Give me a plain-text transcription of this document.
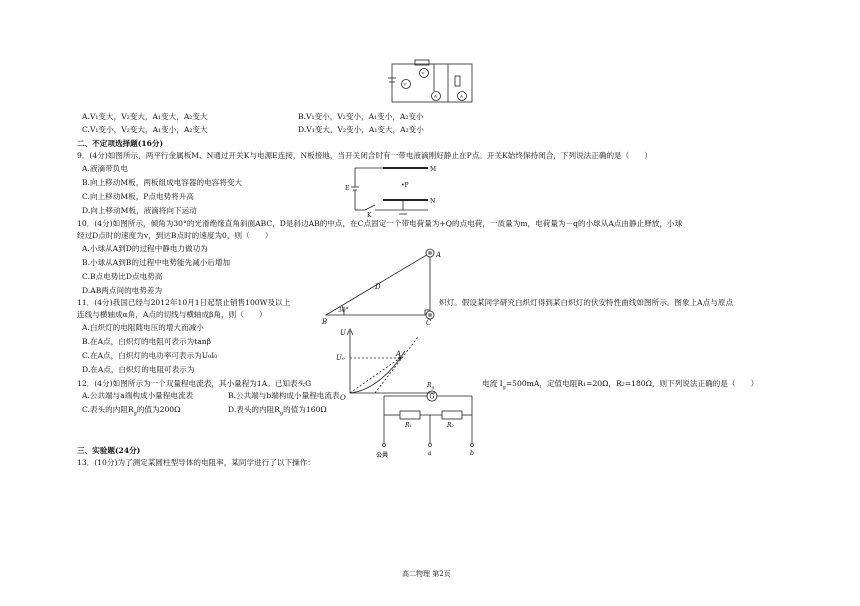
V
V
A	A
A.V₁变大，V₂变大，A₁变大，A₂变大	B.V₁变小，V₂变小，A₁变小，A₂变小
C.V₁变小，V₂变大，A₁变小，A₂变大	D.V₁变大，V₂变小，A₁变大，A₂变小
二、不定项选择题(16分)
9．(4分)如图所示，两平行金属板M、N通过开关K与电源E连接，N板接地，当开关闭合时有一带电液滴刚好静止在P点。开关K始终保持闭合，下列说法正确的是（　　）
A.液滴带负电
B.向上移动M板，两板组成电容器的电容将变大
C.向上移动M板，P点电势将升高
D.向上移动M板，液滴将向下运动
M
N
•P
E
K
10．(4分)如图所示，倾角为30°的光滑绝缘直角斜面ABC，D是斜边AB的中点，在C点固定一个带电荷量为+Q的点电荷，一质量为m，电荷量为－q的小球从A点由静止释放，小球
经过D点时的速度为v，到达B点时的速度为0，则（　　）
A.小球从A到D的过程中静电力做功为
B.小球从A到B的过程中电势能先减小后增加
C.B点电势比D点电势高
D.AB两点间的电势差为
A
B	C
D
30°
11．(4分)我国已经与2012年10月1日起禁止销售100W及以上	炽灯。假设某同学研究白炽灯得到某白炽灯的伏安特性曲线如图所示。图象上A点与原点
连线与横轴成α角，A点的切线与横轴成β角，则（　　）
A.白炽灯的电阻随电压的增大而减小
B.在A点，白炽灯的电阻可表示为tanβ
C.在A点，白炽灯的电功率可表示为U₀I₀
D.在A点，白炽灯的电阻可表示为
U
U₀	A
O
12．(4分)如图所示为一个双量程电流表，其小量程为1A。已知表头G	电流 $I_g=500mA$，定值电阻R₁=20Ω，R₂=180Ω，则下列说法正确的是（　　）
A.公共端与a端构成小量程电流表	B.公共端与b端构成小量程电流表
C.表头的内阻$R_g$的值为200Ω	D.表头的内阻$R_g$的值为160Ω
$R_g$
G
R₁	R₂
公共	a	b
三、实验题(24分)
13．(10分)为了测定某圆柱型导体的电阻率，某同学进行了以下操作：
高二物理 第2页
